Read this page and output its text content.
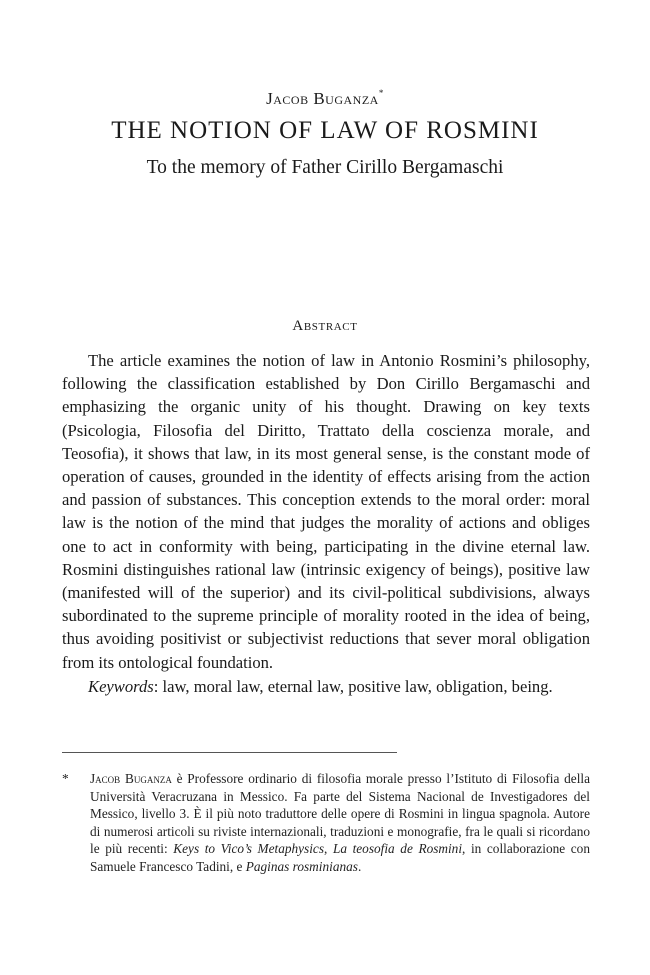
Jacob Buganza*
THE NOTION OF LAW OF ROSMINI
To the memory of Father Cirillo Bergamaschi
Abstract

The article examines the notion of law in Antonio Rosmini’s philosophy, following the classification established by Don Cirillo Bergamaschi and emphasizing the organic unity of his thought. Drawing on key texts (Psicologia, Filosofia del Diritto, Trattato della coscienza morale, and Teosofia), it shows that law, in its most general sense, is the constant mode of operation of causes, grounded in the identity of effects arising from the action and passion of substances. This conception extends to the moral order: moral law is the notion of the mind that judges the morality of actions and obliges one to act in conformity with being, participating in the divine eternal law. Rosmini distinguishes rational law (intrinsic exigency of beings), positive law (manifested will of the superior) and its civil-political subdivisions, always subordinated to the supreme principle of morality rooted in the idea of being, thus avoiding positivist or subjectivist reductions that sever moral obligation from its ontological foundation.

Keywords: law, moral law, eternal law, positive law, obligation, being.

* Jacob Buganza è Professore ordinario di filosofia morale presso l’Istituto di Filosofia della Università Veracruzana in Messico. Fa parte del Sistema Nacional de Investigadores del Messico, livello 3. È il più noto traduttore delle opere di Rosmini in lingua spagnola. Autore di numerosi articoli su riviste internazionali, traduzioni e monografie, fra le quali si ricordano le più recenti: Keys to Vico’s Metaphysics, La teosofia de Rosmini, in collaborazione con Samuele Francesco Tadini, e Paginas rosminianas.
